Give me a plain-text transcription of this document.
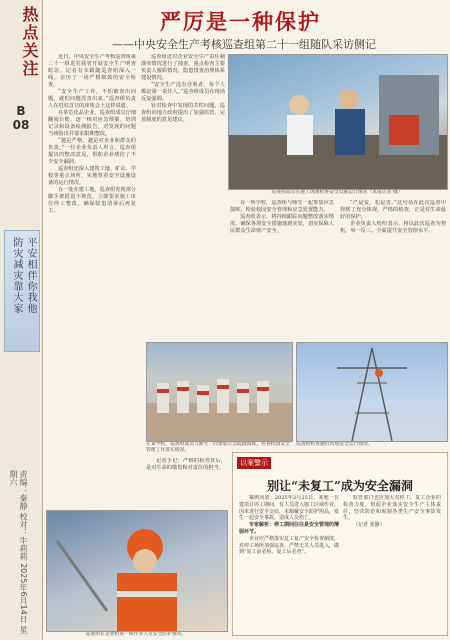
热点关注
B
08
防灾减灾靠大家 平安相伴你我他
责编：秦静 校对：牛莉莉 2025年6月14日 星期六
严厉是一种保护
——中央安全生产考核巡查组第二十一组随队采访侧记

近日，中央安全生产考核巡查组第二十一组进驻我省开展安全生产明查暗访。记者有幸跟随巡查组深入一线，亲历了一场严格细致的安全检查。

“安全生产工作，不怕被查出问题，就怕问题没查出来。”巡查组负责人在进驻首日的座谈会上这样说道。

在某危化品企业，巡查组成员仔细翻阅台账，逐一核对应急预案、培训记录和设备检测报告，对发现的问题当场指出并要求限期整改。

“越是严格，越是对企业和群众的负责。”一位企业负责人坦言，巡查组提出的整改意见，帮助企业堵住了不少安全漏洞。

巡查组还深入建筑工地、矿山、学校等重点场所，实地察看安全设施设备的运行情况。

在一处在建工地，巡查组发现部分脚手架搭设不规范，立即要求施工单位停工整改，确保隐患清零后再复工。

巡查组还对企业安全生产责任制落实情况进行了抽查，重点检查主要负责人履职情况、隐患排查治理体系建设情况。

“安全生产没有旁观者，每个人都是第一责任人。”巡查组成员在现场反复强调。

针对检查中发现的共性问题，巡查组向地方政府提出了加强监管、完善制度的意见建议。

巡查组成员在施工现场检查安全设施运行情况（本报记者 摄）

在一所学校，巡查组与师生一起参加应急演练，检验校园安全管理和应急处置能力。

巡查组表示，将持续跟踪问题整改落实情况，确保各项安全措施落到实处，切实保障人民群众生命财产安全。

“严是爱，松是害。”这句话在此次巡查中得到了充分体现。严格的检查，正是对生命最好的保护。

企业负责人纷纷表示，将以此次巡查为契机，举一反三，全面提升安全管理水平。

在某学校，巡查组成员与师生一同参加应急疏散演练，检查校园安全管理工作落实情况。
巡查组检查通信铁塔安全运行情况。

记者手记：严格的检查背后，是对生命的敬畏和对责任的担当。

巡查组在企业检查一线作业人员安全防护情况。
以案警示
别让“未复工”成为安全漏洞

案例回放：2025年2月25日，某地一在建项目停工期间，有人员进入施工区域作业，因未进行安全交底、未佩戴安全防护用品，发生一起安全事故，造成人员伤亡。

专家解析：停工期间往往是安全管理的薄弱环节。

企业应严格落实复工复产安全检查制度，对停工场所加强巡查，严禁无关人员进入，做到“复工前必检、复工后必查”。

监管部门也应加大对停工、复工企业的检查力度，督促企业落实安全生产主体责任，坚决防范和遏制各类生产安全事故发生。

（记者 张静）
